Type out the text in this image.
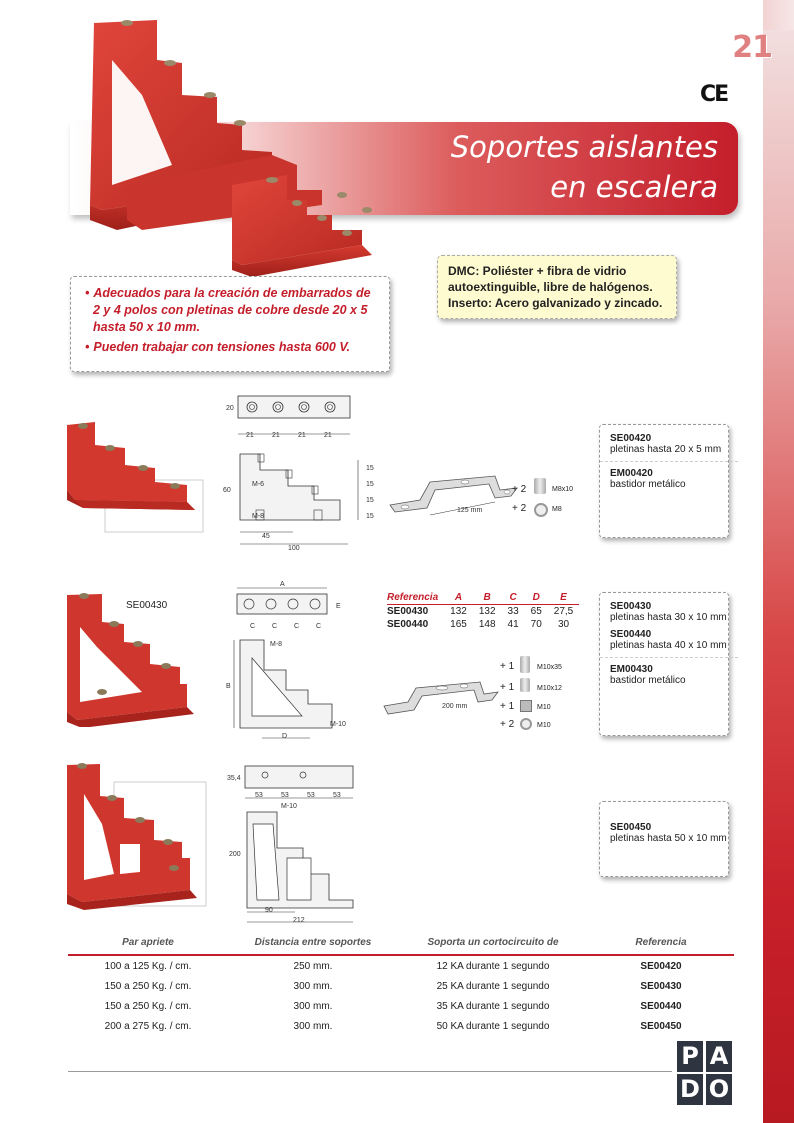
21
CE
Soportes aislantes
en escalera
• Adecuados para la creación de embarrados de 2 y 4 polos con pletinas de cobre desde 20 x 5 hasta 50 x 10 mm.
• Pueden trabajar con tensiones hasta 600 V.
DMC: Poliéster + fibra de vidrio
autoextinguible, libre de halógenos.
Inserto: Acero galvanizado y zincado.
20
21	21	21	21
M-6
M-8
60
15
15
15
15
45
100
125 mm
+ 2	M8x10
+ 2	M8
SE00420
pletinas hasta 20 x 5 mm
EM00420
bastidor metálico
SE00430
A
E
C C C C
M-8
M-10
B
D
Referencia	A	B	C	D	E
SE00430	132	132	33	65	27,5
SE00440	165	148	41	70	30
200 mm
+ 1	M10x35
+ 1	M10x12
+ 1	M10
+ 2	M10
SE00430
pletinas hasta 30 x 10 mm
SE00440
pletinas hasta 40 x 10 mm
EM00430
bastidor metálico
35,4
53	53	53	53
M-10
200
90
212
SE00450
pletinas hasta 50 x 10 mm
Par apriete	Distancia entre soportes	Soporta un cortocircuito de	Referencia
100 a 125 Kg. / cm.	250 mm.	12 KA durante 1 segundo	SE00420
150 a 250 Kg. / cm.	300 mm.	25 KA durante 1 segundo	SE00430
150 a 250 Kg. / cm.	300 mm.	35 KA durante 1 segundo	SE00440
200 a 275 Kg. / cm.	300 mm.	50 KA durante 1 segundo	SE00450
P A
D O
